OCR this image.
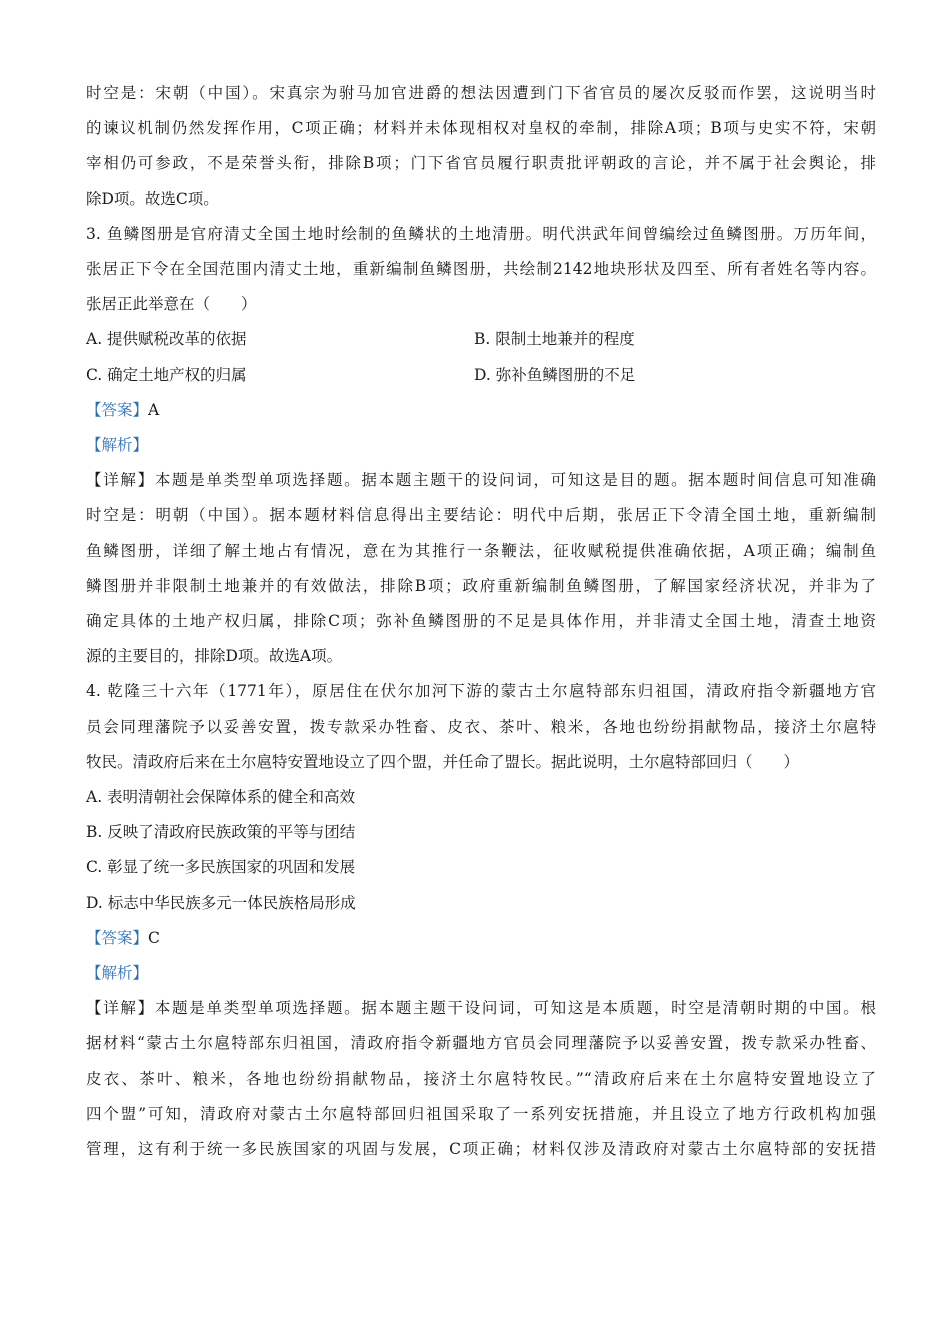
时空是：宋朝（中国）。宋真宗为驸马加官进爵的想法因遭到门下省官员的屡次反驳而作罢，这说明当时
的谏议机制仍然发挥作用，C项正确；材料并未体现相权对皇权的牵制，排除A项；B项与史实不符，宋朝
宰相仍可参政，不是荣誉头衔，排除B项；门下省官员履行职责批评朝政的言论，并不属于社会舆论，排
除D项。故选C项。
3. 鱼鳞图册是官府清丈全国土地时绘制的鱼鳞状的土地清册。明代洪武年间曾编绘过鱼鳞图册。万历年间，
张居正下令在全国范围内清丈土地，重新编制鱼鳞图册，共绘制2142地块形状及四至、所有者姓名等内容。
张居正此举意在（　　）
A. 提供赋税改革的依据	B. 限制土地兼并的程度
C. 确定土地产权的归属	D. 弥补鱼鳞图册的不足
【答案】A
【解析】
【详解】本题是单类型单项选择题。据本题主题干的设问词，可知这是目的题。据本题时间信息可知准确
时空是：明朝（中国）。据本题材料信息得出主要结论：明代中后期，张居正下令清全国土地，重新编制
鱼鳞图册，详细了解土地占有情况，意在为其推行一条鞭法，征收赋税提供准确依据，A项正确；编制鱼
鳞图册并非限制土地兼并的有效做法，排除B项；政府重新编制鱼鳞图册，了解国家经济状况，并非为了
确定具体的土地产权归属，排除C项；弥补鱼鳞图册的不足是具体作用，并非清丈全国土地，清查土地资
源的主要目的，排除D项。故选A项。
4. 乾隆三十六年（1771年），原居住在伏尔加河下游的蒙古土尔扈特部东归祖国，清政府指令新疆地方官
员会同理藩院予以妥善安置，拨专款采办牲畜、皮衣、茶叶、粮米，各地也纷纷捐献物品，接济土尔扈特
牧民。清政府后来在土尔扈特安置地设立了四个盟，并任命了盟长。据此说明，土尔扈特部回归（　　）
A. 表明清朝社会保障体系的健全和高效
B. 反映了清政府民族政策的平等与团结
C. 彰显了统一多民族国家的巩固和发展
D. 标志中华民族多元一体民族格局形成
【答案】C
【解析】
【详解】本题是单类型单项选择题。据本题主题干设问词，可知这是本质题，时空是清朝时期的中国。根
据材料“蒙古土尔扈特部东归祖国，清政府指令新疆地方官员会同理藩院予以妥善安置，拨专款采办牲畜、
皮衣、茶叶、粮米，各地也纷纷捐献物品，接济土尔扈特牧民。”“清政府后来在土尔扈特安置地设立了
四个盟”可知，清政府对蒙古土尔扈特部回归祖国采取了一系列安抚措施，并且设立了地方行政机构加强
管理，这有利于统一多民族国家的巩固与发展，C项正确；材料仅涉及清政府对蒙古土尔扈特部的安抚措
